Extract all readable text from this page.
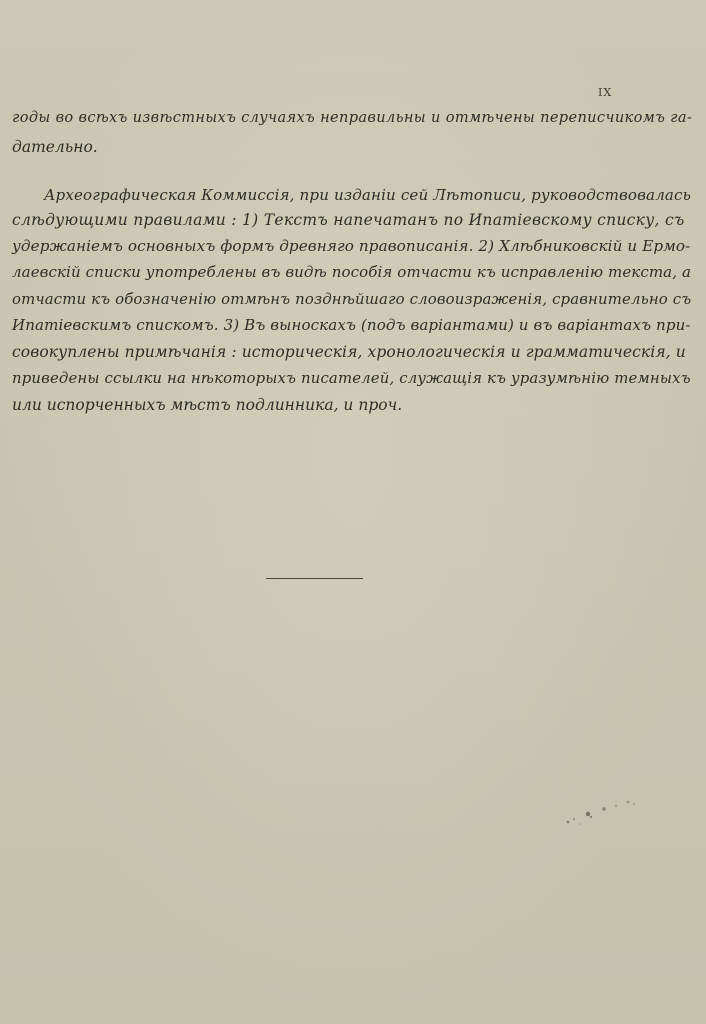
IX
годы во всѣхъ извѣстныхъ случаяхъ неправильны и отмѣчены переписчикомъ га-
дательно.
Археографическая Коммиссія, при изданіи сей Лѣтописи, руководствовалась
слѣдующими правилами : 1) Текстъ напечатанъ по Ипатіевскому списку, съ
удержаніемъ основныхъ формъ древняго правописанія. 2) Хлѣбниковскій и Ермо-
лаевскій списки употреблены въ видѣ пособія отчасти къ исправленію текста, а
отчасти къ обозначенію отмѣнъ позднѣйшаго словоизраженія, сравнительно съ
Ипатіевскимъ спискомъ. 3) Въ выноскахъ (подъ варіантами) и въ варіантахъ при-
совокуплены примѣчанія : историческія, хронологическія и грамматическія, и
приведены ссылки на нѣкоторыхъ писателей, служащія къ уразумѣнію темныхъ
или испорченныхъ мѣстъ подлинника, и проч.
